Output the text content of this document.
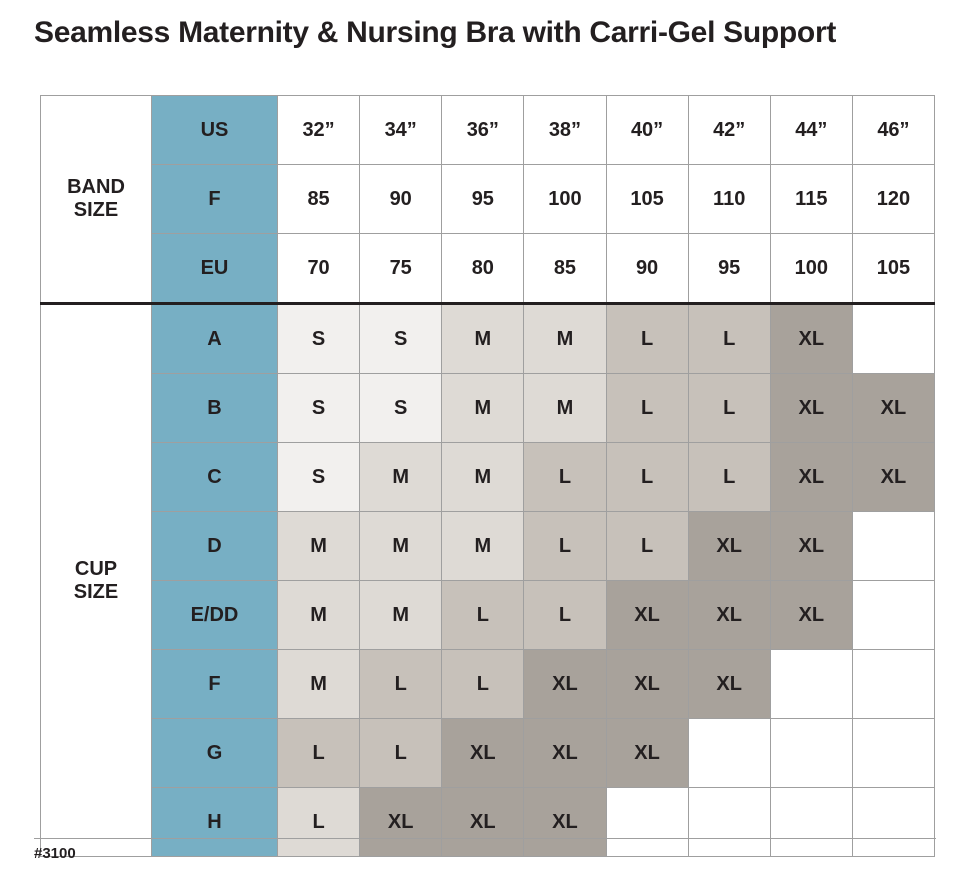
Seamless Maternity & Nursing Bra with Carri-Gel Support
BAND
SIZE	US	32”	34”	36”	38”	40”	42”	44”	46”
	F	85	90	95	100	105	110	115	120
	EU	70	75	80	85	90	95	100	105
CUP
SIZE	A	S	S	M	M	L	L	XL	
	B	S	S	M	M	L	L	XL	XL
	C	S	M	M	L	L	L	XL	XL
	D	M	M	M	L	L	XL	XL	
	E/DD	M	M	L	L	XL	XL	XL	
	F	M	L	L	XL	XL	XL		
	G	L	L	XL	XL	XL			
	H	L	XL	XL	XL				
#3100
